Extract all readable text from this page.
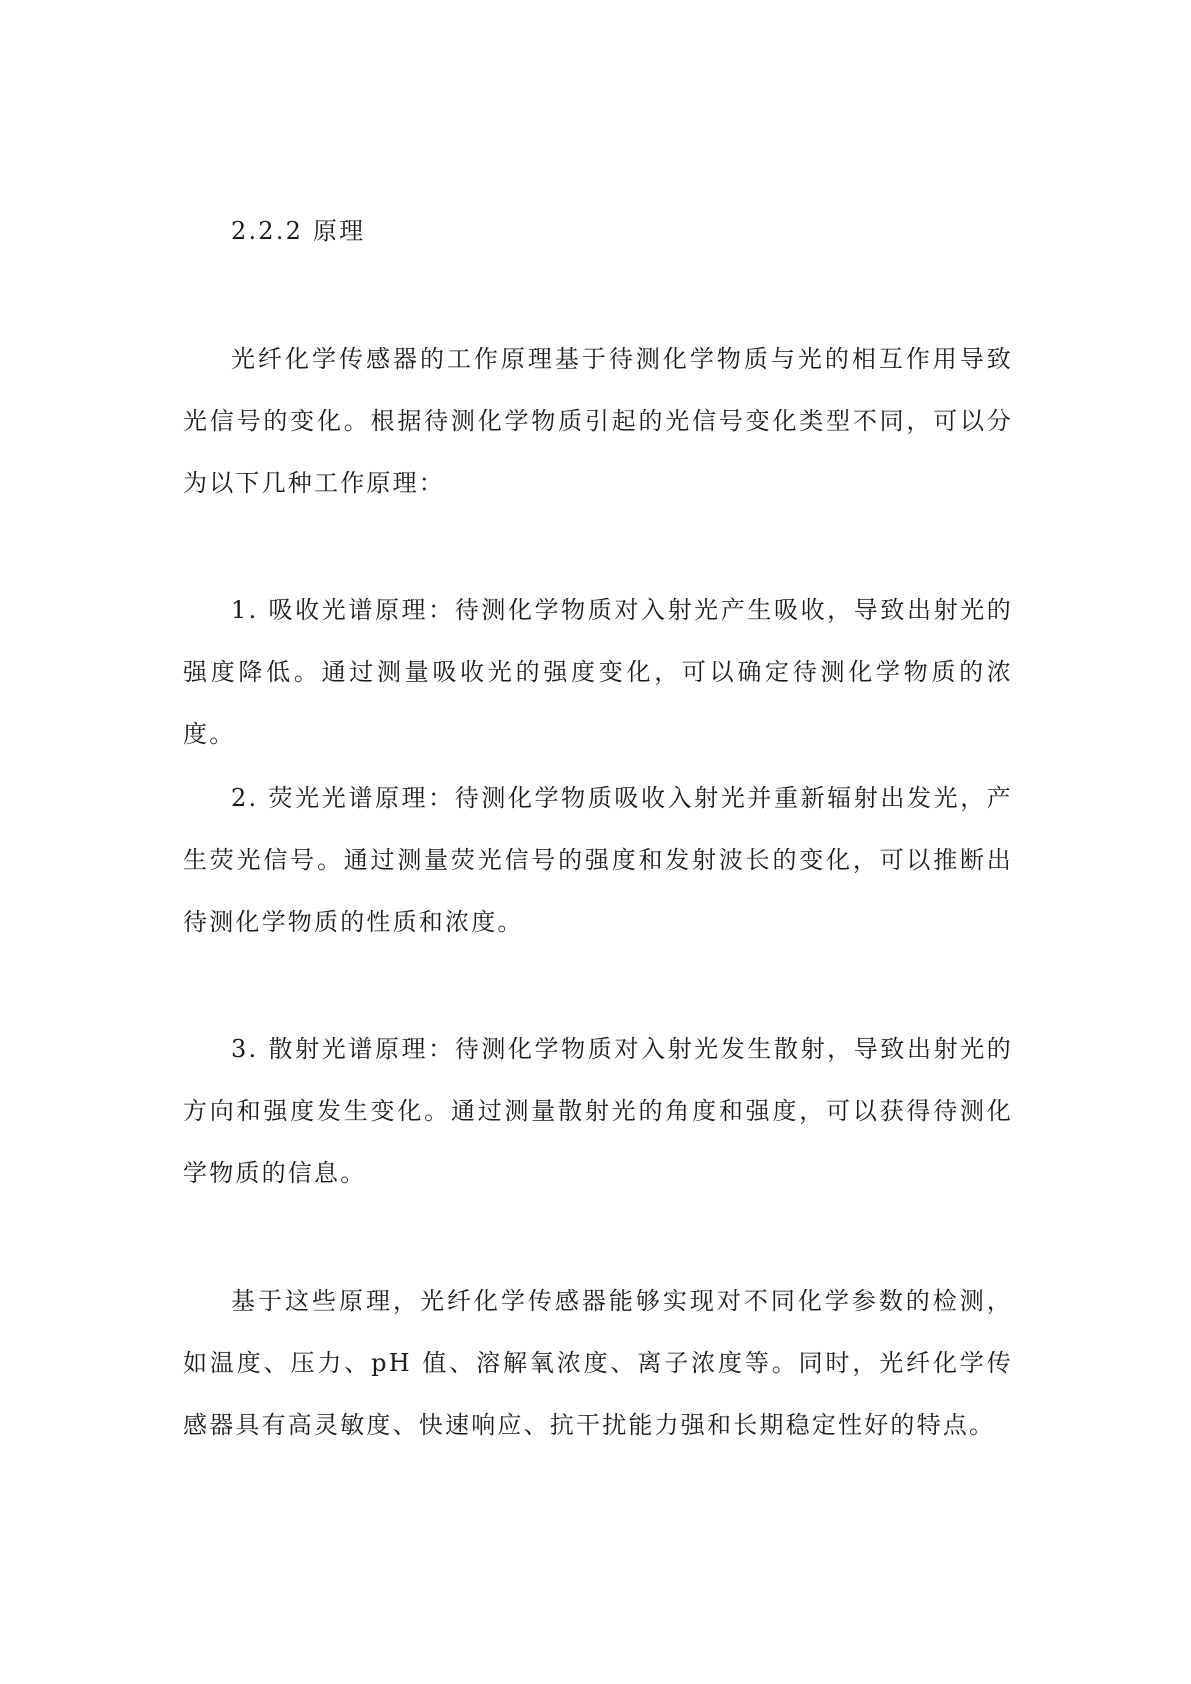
2.2.2 原理

光纤化学传感器的工作原理基于待测化学物质与光的相互作用导致光信号的变化。根据待测化学物质引起的光信号变化类型不同，可以分为以下几种工作原理：

1. 吸收光谱原理：待测化学物质对入射光产生吸收，导致出射光的强度降低。通过测量吸收光的强度变化，可以确定待测化学物质的浓度。

2. 荧光光谱原理：待测化学物质吸收入射光并重新辐射出发光，产生荧光信号。通过测量荧光信号的强度和发射波长的变化，可以推断出待测化学物质的性质和浓度。

3. 散射光谱原理：待测化学物质对入射光发生散射，导致出射光的方向和强度发生变化。通过测量散射光的角度和强度，可以获得待测化学物质的信息。

基于这些原理，光纤化学传感器能够实现对不同化学参数的检测，如温度、压力、pH 值、溶解氧浓度、离子浓度等。同时，光纤化学传感器具有高灵敏度、快速响应、抗干扰能力强和长期稳定性好的特点。
